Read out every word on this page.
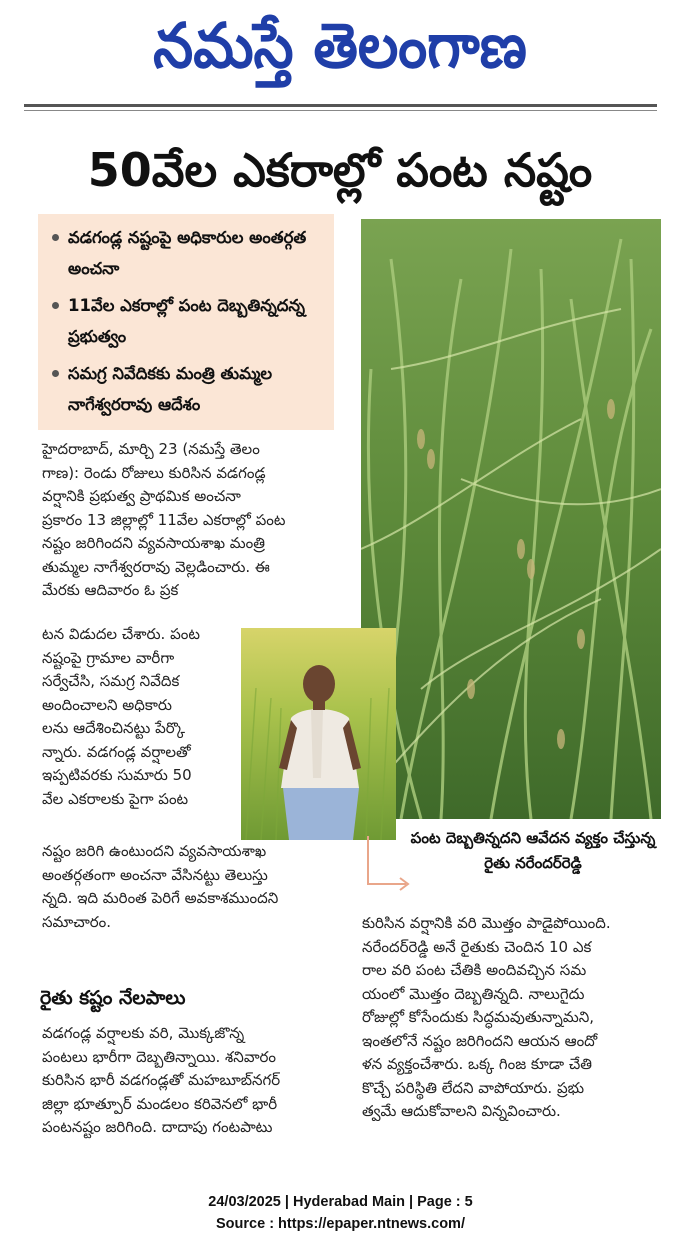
నమస్తే తెలంగాణ
50వేల ఎకరాల్లో పంట నష్టం
వడగండ్ల నష్టంపై అధికారుల అంతర్గత అంచనా
11వేల ఎకరాల్లో పంట దెబ్బతిన్నదన్న ప్రభుత్వం
సమగ్ర నివేదికకు మంత్రి తుమ్మల నాగేశ్వరరావు ఆదేశం
హైదరాబాద్, మార్చి 23 (నమస్తే తెలం
గాణ): రెండు రోజులు కురిసిన వడగండ్ల
వర్షానికి ప్రభుత్వ ప్రాథమిక అంచనా
ప్రకారం 13 జిల్లాల్లో 11వేల ఎకరాల్లో పంట
నష్టం జరిగిందని వ్యవసాయశాఖ మంత్రి
తుమ్మల నాగేశ్వరరావు వెల్లడించారు. ఈ
మేరకు ఆదివారం ఓ ప్రక
టన విడుదల చేశారు. పంట
నష్టంపై గ్రామాల వారీగా
సర్వేచేసి, సమగ్ర నివేదిక
అందించాలని అధికారు
లను ఆదేశించినట్టు పేర్కొ
న్నారు. వడగండ్ల వర్షాలతో
ఇప్పటివరకు సుమారు 50
వేల ఎకరాలకు పైగా పంట
నష్టం జరిగి ఉంటుందని వ్యవసాయశాఖ
అంతర్గతంగా అంచనా వేసినట్టు తెలుస్తు
న్నది. ఇది మరింత పెరిగే అవకాశముందని
సమాచారం.
పంట దెబ్బతిన్నదని ఆవేదన వ్యక్తం చేస్తున్న రైతు నరేందర్‌రెడ్డి
రైతు కష్టం నేలపాలు
వడగండ్ల వర్షాలకు వరి, మొక్కజొన్న
పంటలు భారీగా దెబ్బతిన్నాయి. శనివారం
కురిసిన భారీ వడగండ్లతో మహబూబ్‌నగర్
జిల్లా భూత్పూర్ మండలం కరివెనలో భారీ
పంటనష్టం జరిగింది. దాదాపు గంటపాటు
కురిసిన వర్షానికి వరి మొత్తం పాడైపోయింది.
నరేందర్‌రెడ్డి అనే రైతుకు చెందిన 10 ఎక
రాల వరి పంట చేతికి అందివచ్చిన సమ
యంలో మొత్తం దెబ్బతిన్నది. నాలుగైదు
రోజుల్లో కోసేందుకు సిద్ధమవుతున్నామని,
ఇంతలోనే నష్టం జరిగిందని ఆయన ఆందో
ళన వ్యక్తంచేశారు. ఒక్క గింజ కూడా చేతి
కొచ్చే పరిస్థితి లేదని వాపోయారు. ప్రభు
త్వమే ఆదుకోవాలని విన్నవించారు.
24/03/2025 | Hyderabad Main | Page : 5
Source : https://epaper.ntnews.com/
